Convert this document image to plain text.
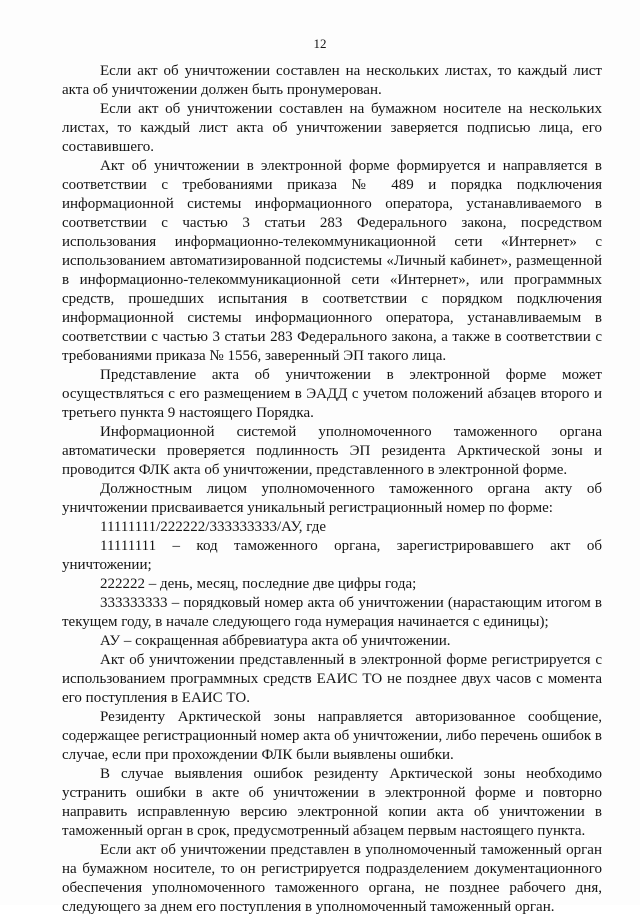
12

Если акт об уничтожении составлен на нескольких листах, то каждый лист акта об уничтожении должен быть пронумерован.

Если акт об уничтожении составлен на бумажном носителе на нескольких листах, то каждый лист акта об уничтожении заверяется подписью лица, его составившего.

Акт об уничтожении в электронной форме формируется и направляется в соответствии с требованиями приказа № 489 и порядка подключения информационной системы информационного оператора, устанавливаемого в соответствии с частью 3 статьи 283 Федерального закона, посредством использования информационно-телекоммуникационной сети «Интернет» с использованием автоматизированной подсистемы «Личный кабинет», размещенной в информационно-телекоммуникационной сети «Интернет», или программных средств, прошедших испытания в соответствии с порядком подключения информационной системы информационного оператора, устанавливаемым в соответствии с частью 3 статьи 283 Федерального закона, а также в соответствии с требованиями приказа № 1556, заверенный ЭП такого лица.

Представление акта об уничтожении в электронной форме может осуществляться с его размещением в ЭАДД с учетом положений абзацев второго и третьего пункта 9 настоящего Порядка.

Информационной системой уполномоченного таможенного органа автоматически проверяется подлинность ЭП резидента Арктической зоны и проводится ФЛК акта об уничтожении, представленного в электронной форме.

Должностным лицом уполномоченного таможенного органа акту об уничтожении присваивается уникальный регистрационный номер по форме:

11111111/222222/333333333/АУ, где

11111111 – код таможенного органа, зарегистрировавшего акт об уничтожении;

222222 – день, месяц, последние две цифры года;

333333333 – порядковый номер акта об уничтожении (нарастающим итогом в текущем году, в начале следующего года нумерация начинается с единицы);

АУ – сокращенная аббревиатура акта об уничтожении.

Акт об уничтожении представленный в электронной форме регистрируется с использованием программных средств ЕАИС ТО не позднее двух часов с момента его поступления в ЕАИС ТО.

Резиденту Арктической зоны направляется авторизованное сообщение, содержащее регистрационный номер акта об уничтожении, либо перечень ошибок в случае, если при прохождении ФЛК были выявлены ошибки.

В случае выявления ошибок резиденту Арктической зоны необходимо устранить ошибки в акте об уничтожении в электронной форме и повторно направить исправленную версию электронной копии акта об уничтожении в таможенный орган в срок, предусмотренный абзацем первым настоящего пункта.

Если акт об уничтожении представлен в уполномоченный таможенный орган на бумажном носителе, то он регистрируется подразделением документационного обеспечения уполномоченного таможенного органа, не позднее рабочего дня, следующего за днем его поступления в уполномоченный таможенный орган.
